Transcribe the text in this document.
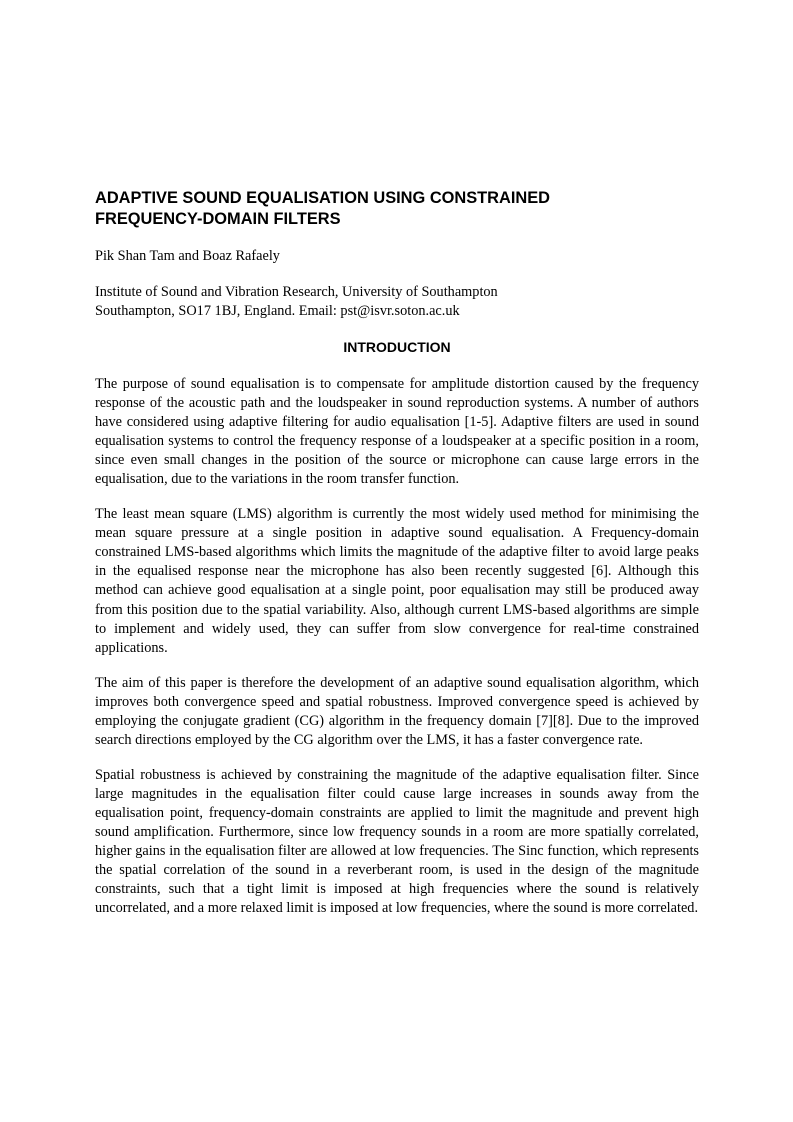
ADAPTIVE SOUND EQUALISATION USING CONSTRAINED
FREQUENCY-DOMAIN FILTERS

Pik Shan Tam and Boaz Rafaely

Institute of Sound and Vibration Research, University of Southampton
Southampton, SO17 1BJ, England. Email: pst@isvr.soton.ac.uk

INTRODUCTION

The purpose of sound equalisation is to compensate for amplitude distortion caused by the frequency response of the acoustic path and the loudspeaker in sound reproduction systems. A number of authors have considered using adaptive filtering for audio equalisation [1-5]. Adaptive filters are used in sound equalisation systems to control the frequency response of a loudspeaker at a specific position in a room, since even small changes in the position of the source or microphone can cause large errors in the equalisation, due to the variations in the room transfer function.

The least mean square (LMS) algorithm is currently the most widely used method for minimising the mean square pressure at a single position in adaptive sound equalisation. A Frequency-domain constrained LMS-based algorithms which limits the magnitude of the adaptive filter to avoid large peaks in the equalised response near the microphone has also been recently suggested [6]. Although this method can achieve good equalisation at a single point, poor equalisation may still be produced away from this position due to the spatial variability. Also, although current LMS-based algorithms are simple to implement and widely used, they can suffer from slow convergence for real-time constrained applications.

The aim of this paper is therefore the development of an adaptive sound equalisation algorithm, which improves both convergence speed and spatial robustness. Improved convergence speed is achieved by employing the conjugate gradient (CG) algorithm in the frequency domain [7][8]. Due to the improved search directions employed by the CG algorithm over the LMS, it has a faster convergence rate.

Spatial robustness is achieved by constraining the magnitude of the adaptive equalisation filter. Since large magnitudes in the equalisation filter could cause large increases in sounds away from the equalisation point, frequency-domain constraints are applied to limit the magnitude and prevent high sound amplification. Furthermore, since low frequency sounds in a room are more spatially correlated, higher gains in the equalisation filter are allowed at low frequencies. The Sinc function, which represents the spatial correlation of the sound in a reverberant room, is used in the design of the magnitude constraints, such that a tight limit is imposed at high frequencies where the sound is relatively uncorrelated, and a more relaxed limit is imposed at low frequencies, where the sound is more correlated.
